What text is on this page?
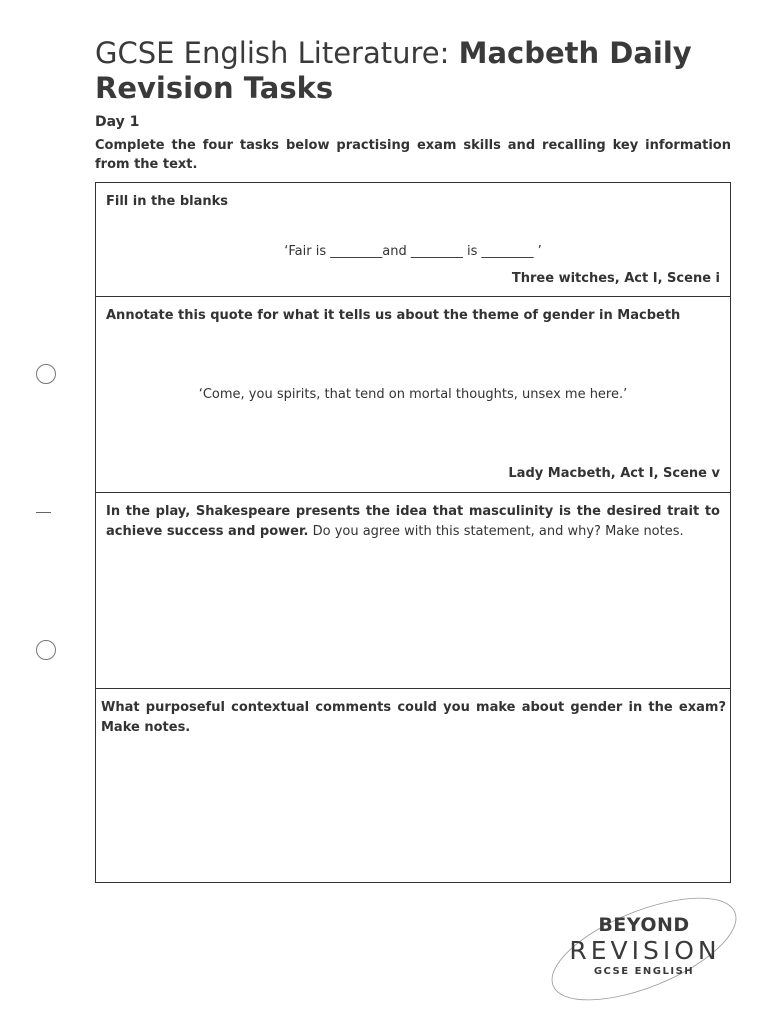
GCSE English Literature: Macbeth Daily Revision Tasks
Day 1
Complete the four tasks below practising exam skills and recalling key information from the text.
Fill in the blanks
‘Fair is ________and ________ is ________ ’
Three witches, Act I, Scene i
Annotate this quote for what it tells us about the theme of gender in Macbeth
‘Come, you spirits, that tend on mortal thoughts, unsex me here.’
Lady Macbeth, Act I, Scene v
In the play, Shakespeare presents the idea that masculinity is the desired trait to achieve success and power. Do you agree with this statement, and why? Make notes.
What purposeful contextual comments could you make about gender in the exam? Make notes.
BEYOND
REVISION
GCSE ENGLISH
